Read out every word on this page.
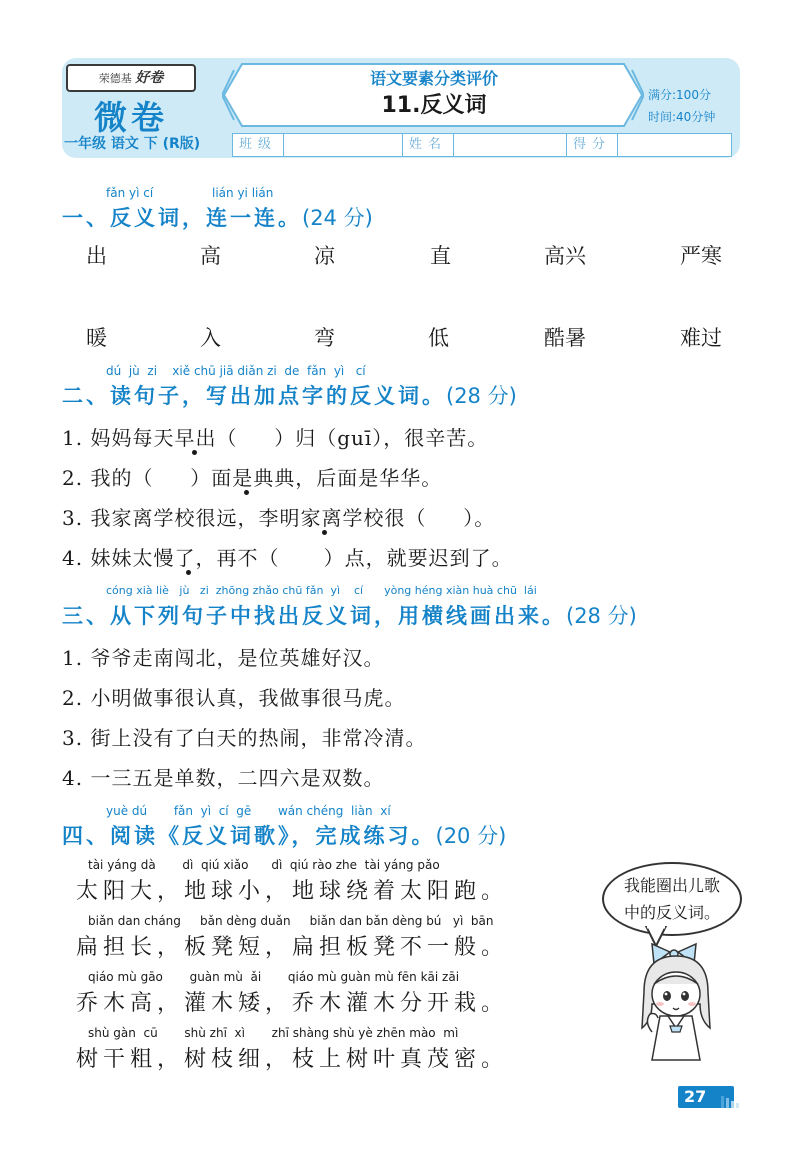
荣德基 好卷
微卷
一年级 语文 下 (R版)
语文要素分类评价
11.反义词	满分:100分
时间:40分钟
班级	姓名	得分
fǎn yì cí	lián yi lián
一、反义词，连一连。(24 分)
出	高	凉	直	高兴	严寒
暖	入	弯	低	酷暑	难过
dú  jù  zi    xiě chū jiā diǎn zi  de  fǎn  yì   cí
二、读句子，写出加点字的反义词。(28 分)
1. 妈妈每天早出（     ）归（guī），很辛苦。
2. 我的（     ）面是典典，后面是华华。
3. 我家离学校很远，李明家离学校很（     ）。
4. 妹妹太慢了，再不（      ）点，就要迟到了。
cóng xià liè   jù   zi  zhōng zhǎo chū fǎn  yì    cí      yòng héng xiàn huà chū  lái
三、从下列句子中找出反义词，用横线画出来。(28 分)
1. 爷爷走南闯北，是位英雄好汉。
2. 小明做事很认真，我做事很马虎。
3. 街上没有了白天的热闹，非常冷清。
4. 一三五是单数，二四六是双数。
yuè dú       fǎn  yì  cí  gē       wán chéng  liàn  xí
四、阅读《反义词歌》，完成练习。(20 分)
tài yáng dà       dì  qiú xiǎo      dì  qiú rào zhe  tài yáng pǎo
太阳大，地球小，地球绕着太阳跑。
biǎn dan cháng     bǎn dèng duǎn     biǎn dan bǎn dèng bú   yì  bān
扁担长，板凳短，扁担板凳不一般。
qiáo mù gāo       guàn mù  ǎi       qiáo mù guàn mù fēn kāi zāi
乔木高，灌木矮，乔木灌木分开栽。
shù gàn  cū       shù zhī  xì       zhī shàng shù yè zhēn mào  mì
树干粗，树枝细，枝上树叶真茂密。
我能圈出儿歌
中的反义词。
27
